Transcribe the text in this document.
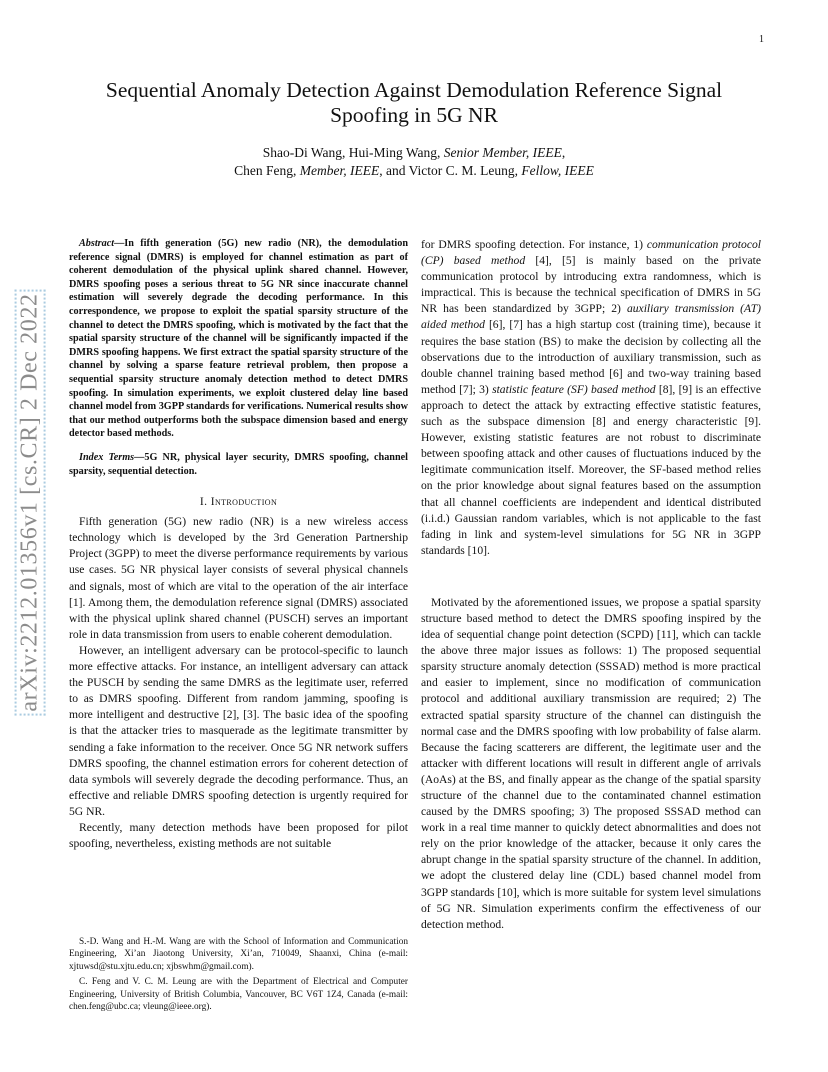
1
arXiv:2212.01356v1 [cs.CR] 2 Dec 2022
Sequential Anomaly Detection Against Demodulation Reference Signal Spoofing in 5G NR
Shao-Di Wang, Hui-Ming Wang, Senior Member, IEEE,
Chen Feng, Member, IEEE, and Victor C. M. Leung, Fellow, IEEE

Abstract—In fifth generation (5G) new radio (NR), the demodulation reference signal (DMRS) is employed for channel estimation as part of coherent demodulation of the physical uplink shared channel. However, DMRS spoofing poses a serious threat to 5G NR since inaccurate channel estimation will severely degrade the decoding performance. In this correspondence, we propose to exploit the spatial sparsity structure of the channel to detect the DMRS spoofing, which is motivated by the fact that the spatial sparsity structure of the channel will be significantly impacted if the DMRS spoofing happens. We first extract the spatial sparsity structure of the channel by solving a sparse feature retrieval problem, then propose a sequential sparsity structure anomaly detection method to detect DMRS spoofing. In simulation experiments, we exploit clustered delay line based channel model from 3GPP standards for verifications. Numerical results show that our method outperforms both the subspace dimension based and energy detector based methods.

Index Terms—5G NR, physical layer security, DMRS spoofing, channel sparsity, sequential detection.

I. Introduction

Fifth generation (5G) new radio (NR) is a new wireless access technology which is developed by the 3rd Generation Partnership Project (3GPP) to meet the diverse performance requirements by various use cases. 5G NR physical layer consists of several physical channels and signals, most of which are vital to the operation of the air interface [1]. Among them, the demodulation reference signal (DMRS) associated with the physical uplink shared channel (PUSCH) serves an important role in data transmission from users to enable coherent demodulation.

However, an intelligent adversary can be protocol-specific to launch more effective attacks. For instance, an intelligent adversary can attack the PUSCH by sending the same DMRS as the legitimate user, referred to as DMRS spoofing. Different from random jamming, spoofing is more intelligent and destructive [2], [3]. The basic idea of the spoofing is that the attacker tries to masquerade as the legitimate transmitter by sending a fake information to the receiver. Once 5G NR network suffers DMRS spoofing, the channel estimation errors for coherent detection of data symbols will severely degrade the decoding performance. Thus, an effective and reliable DMRS spoofing detection is urgently required for 5G NR.

Recently, many detection methods have been proposed for pilot spoofing, nevertheless, existing methods are not suitable

S.-D. Wang and H.-M. Wang are with the School of Information and Communication Engineering, Xi’an Jiaotong University, Xi’an, 710049, Shaanxi, China (e-mail: xjtuwsd@stu.xjtu.edu.cn; xjbswhm@gmail.com).

C. Feng and V. C. M. Leung are with the Department of Electrical and Computer Engineering, University of British Columbia, Vancouver, BC V6T 1Z4, Canada (e-mail: chen.feng@ubc.ca; vleung@ieee.org).

for DMRS spoofing detection. For instance, 1) communication protocol (CP) based method [4], [5] is mainly based on the private communication protocol by introducing extra randomness, which is impractical. This is because the technical specification of DMRS in 5G NR has been standardized by 3GPP; 2) auxiliary transmission (AT) aided method [6], [7] has a high startup cost (training time), because it requires the base station (BS) to make the decision by collecting all the observations due to the introduction of auxiliary transmission, such as double channel training based method [6] and two-way training based method [7]; 3) statistic feature (SF) based method [8], [9] is an effective approach to detect the attack by extracting effective statistic features, such as the subspace dimension [8] and energy characteristic [9]. However, existing statistic features are not robust to discriminate between spoofing attack and other causes of fluctuations induced by the legitimate communication itself. Moreover, the SF-based method relies on the prior knowledge about signal features based on the assumption that all channel coefficients are independent and identical distributed (i.i.d.) Gaussian random variables, which is not applicable to the fast fading in link and system-level simulations for 5G NR in 3GPP standards [10].

Motivated by the aforementioned issues, we propose a spatial sparsity structure based method to detect the DMRS spoofing inspired by the idea of sequential change point detection (SCPD) [11], which can tackle the above three major issues as follows: 1) The proposed sequential sparsity structure anomaly detection (SSSAD) method is more practical and easier to implement, since no modification of communication protocol and additional auxiliary transmission are required; 2) The extracted spatial sparsity structure of the channel can distinguish the normal case and the DMRS spoofing with low probability of false alarm. Because the facing scatterers are different, the legitimate user and the attacker with different locations will result in different angle of arrivals (AoAs) at the BS, and finally appear as the change of the spatial sparsity structure of the channel due to the contaminated channel estimation caused by the DMRS spoofing; 3) The proposed SSSAD method can work in a real time manner to quickly detect abnormalities and does not rely on the prior knowledge of the attacker, because it only cares the abrupt change in the spatial sparsity structure of the channel. In addition, we adopt the clustered delay line (CDL) based channel model from 3GPP standards [10], which is more suitable for system level simulations of 5G NR. Simulation experiments confirm the effectiveness of our detection method.
